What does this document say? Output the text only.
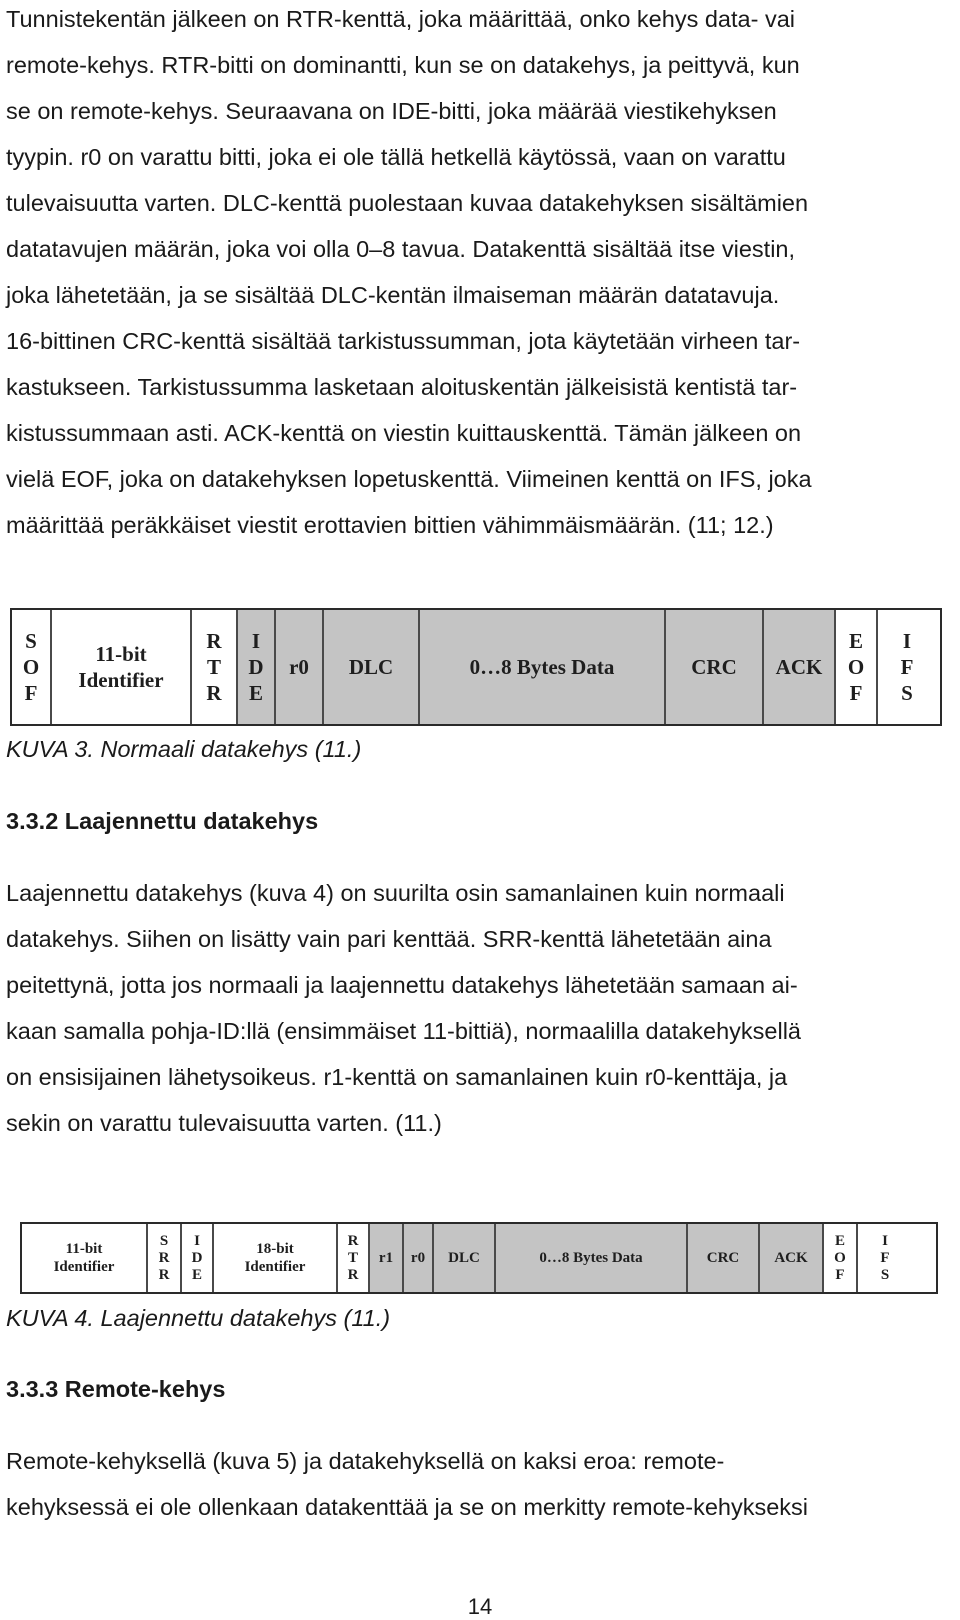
Tunnistekentän jälkeen on RTR-kenttä, joka määrittää, onko kehys data- vai
remote-kehys. RTR-bitti on dominantti, kun se on datakehys, ja peittyvä, kun
se on remote-kehys. Seuraavana on IDE-bitti, joka määrää viestikehyksen
tyypin. r0 on varattu bitti, joka ei ole tällä hetkellä käytössä, vaan on varattu
tulevaisuutta varten. DLC-kenttä puolestaan kuvaa datakehyksen sisältämien
datatavujen määrän, joka voi olla 0–8 tavua. Datakenttä sisältää itse viestin,
joka lähetetään, ja se sisältää DLC-kentän ilmaiseman määrän datatavuja.
16-bittinen CRC-kenttä sisältää tarkistussumman, jota käytetään virheen tar-
kastukseen. Tarkistussumma lasketaan aloituskentän jälkeisistä kentistä tar-
kistussummaan asti. ACK-kenttä on viestin kuittauskenttä. Tämän jälkeen on
vielä EOF, joka on datakehyksen lopetuskenttä. Viimeinen kenttä on IFS, joka
määrittää peräkkäiset viestit erottavien bittien vähimmäismäärän. (11; 12.)
S
O
F
11-bit
Identifier
R
T
R
I
D
E
r0 DLC	0…8 Bytes Data	CRC ACK
E
O
F
I
F
S
KUVA 3. Normaali datakehys (11.)
3.3.2 Laajennettu datakehys
Laajennettu datakehys (kuva 4) on suurilta osin samanlainen kuin normaali
datakehys. Siihen on lisätty vain pari kenttää. SRR-kenttä lähetetään aina
peitettynä, jotta jos normaali ja laajennettu datakehys lähetetään samaan ai-
kaan samalla pohja-ID:llä (ensimmäiset 11-bittiä), normaalilla datakehyksellä
on ensisijainen lähetysoikeus. r1-kenttä on samanlainen kuin r0-kenttäja, ja
sekin on varattu tulevaisuutta varten. (11.)
11-bit
Identifier
S
R
R
I
D
E
18-bit
Identifier
R
T
R
r1 r0 DLC	0…8 Bytes Data	CRC ACK
E
O
F
I
F
S
KUVA 4. Laajennettu datakehys (11.)
3.3.3 Remote-kehys
Remote-kehyksellä (kuva 5) ja datakehyksellä on kaksi eroa: remote-
kehyksessä ei ole ollenkaan datakenttää ja se on merkitty remote-kehykseksi
14
